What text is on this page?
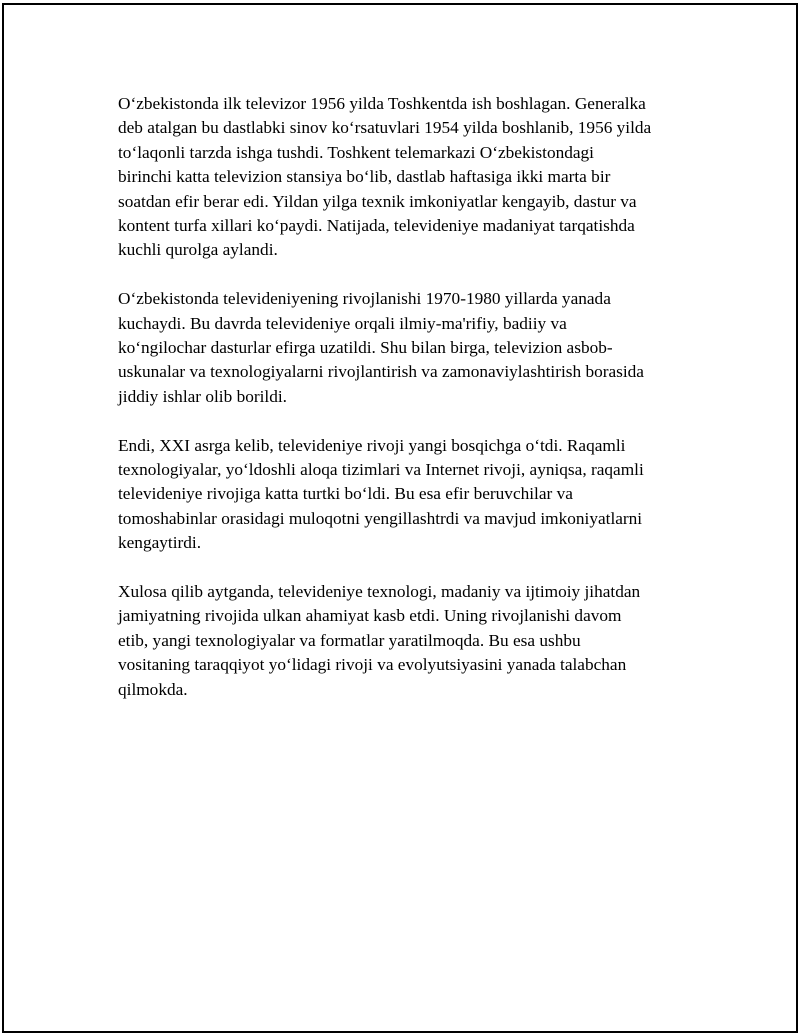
O‘zbekistonda ilk televizor 1956 yilda Toshkentda ish boshlagan. Generalka
deb atalgan bu dastlabki sinov ko‘rsatuvlari 1954 yilda boshlanib, 1956 yilda
to‘laqonli tarzda ishga tushdi. Toshkent telemarkazi O‘zbekistondagi
birinchi katta televizion stansiya bo‘lib, dastlab haftasiga ikki marta bir
soatdan efir berar edi. Yildan yilga texnik imkoniyatlar kengayib, dastur va
kontent turfa xillari ko‘paydi. Natijada, televideniye madaniyat tarqatishda
kuchli qurolga aylandi.

O‘zbekistonda televideniyening rivojlanishi 1970-1980 yillarda yanada
kuchaydi. Bu davrda televideniye orqali ilmiy-ma'rifiy, badiiy va
ko‘ngilochar dasturlar efirga uzatildi. Shu bilan birga, televizion asbob-
uskunalar va texnologiyalarni rivojlantirish va zamonaviylashtirish borasida
jiddiy ishlar olib borildi.

Endi, XXI asrga kelib, televideniye rivoji yangi bosqichga o‘tdi. Raqamli
texnologiyalar, yo‘ldoshli aloqa tizimlari va Internet rivoji, ayniqsa, raqamli
televideniye rivojiga katta turtki bo‘ldi. Bu esa efir beruvchilar va
tomoshabinlar orasidagi muloqotni yengillashtrdi va mavjud imkoniyatlarni
kengaytirdi.

Xulosa qilib aytganda, televideniye texnologi, madaniy va ijtimoiy jihatdan
jamiyatning rivojida ulkan ahamiyat kasb etdi. Uning rivojlanishi davom
etib, yangi texnologiyalar va formatlar yaratilmoqda. Bu esa ushbu
vositaning taraqqiyot yo‘lidagi rivoji va evolyutsiyasini yanada talabchan
qilmokda.
